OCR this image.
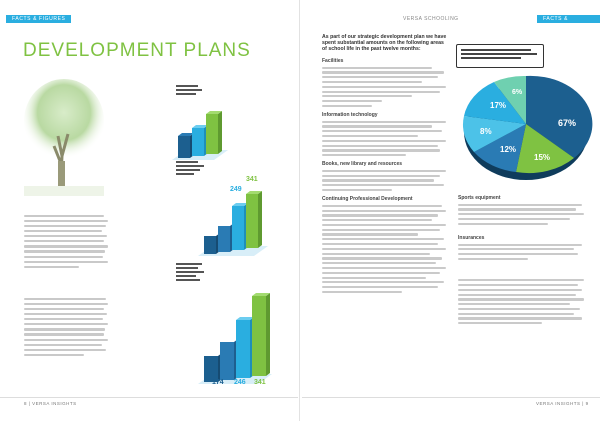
FACTS & FIGURES
DEVELOPMENT PLANS
341
249
174 246 341
8 | VERSA INSIGHTS
VERSA SCHOOLING	FACTS & FIGURES
As part of our strategic development plan we have spent substantial amounts on the following areas of school life in the past twelve months:
Facilities
Information technology
Books, new library and resources
Continuing Professional Development
67%
15%
12%
8%
17%
6%
Sports equipment
Insurances
VERSA INSIGHTS | 9
